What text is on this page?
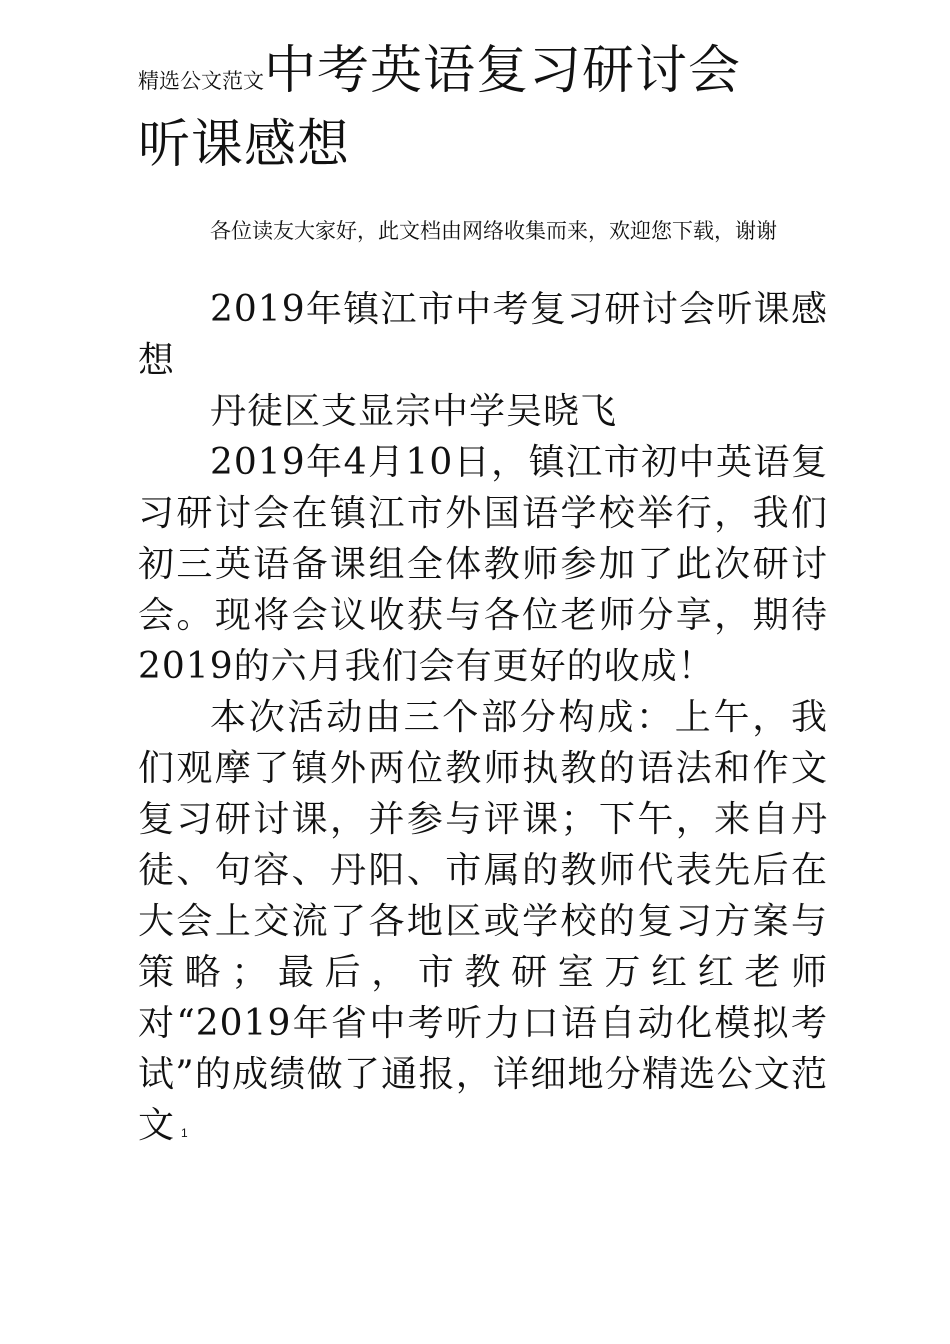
精选公文范文中考英语复习研讨会
听课感想
各位读友大家好，此文档由网络收集而来，欢迎您下载，谢谢

2019年镇江市中考复习研讨会听课感想

丹徒区支显宗中学吴晓飞

2019年4月10日，镇江市初中英语复习研讨会在镇江市外国语学校举行，我们初三英语备课组全体教师参加了此次研讨会。现将会议收获与各位老师分享，期待2019的六月我们会有更好的收成！

本次活动由三个部分构成：上午，我们观摩了镇外两位教师执教的语法和作文复习研讨课，并参与评课；下午，来自丹徒、句容、丹阳、市属的教师代表先后在大会上交流了各地区或学校的复习方案与策略；最后，市教研室万红红老师对“2019年省中考听力口语自动化模拟考试”的成绩做了通报，详细地分精选公文范文 1
